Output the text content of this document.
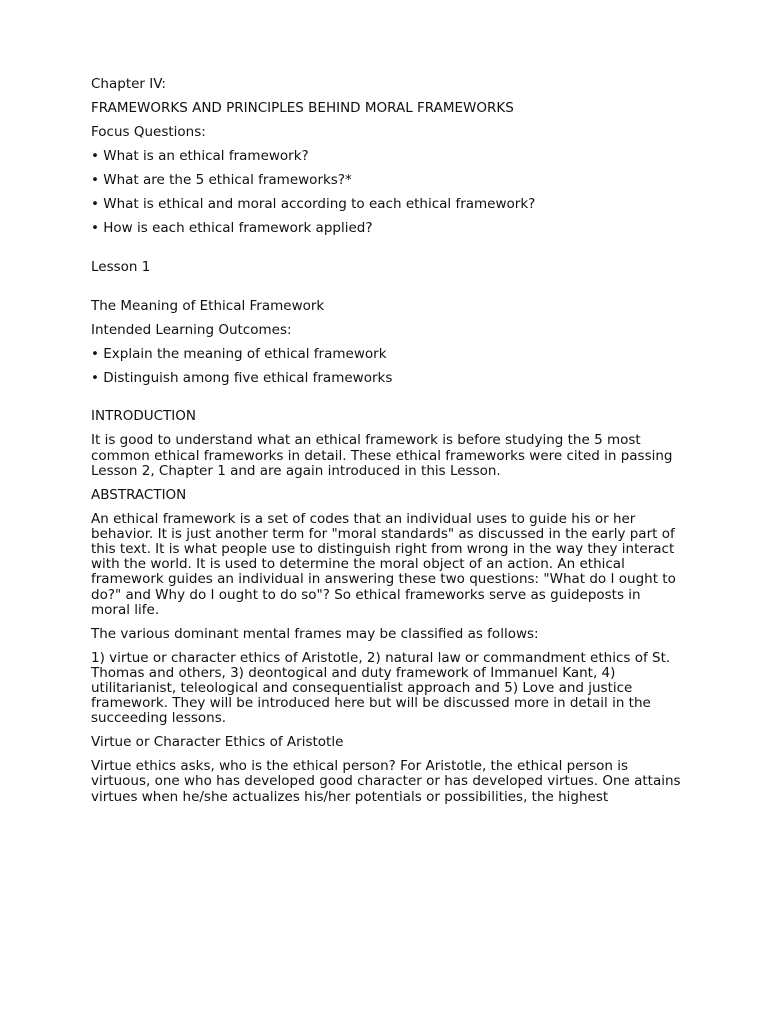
Chapter IV:

FRAMEWORKS AND PRINCIPLES BEHIND MORAL FRAMEWORKS

Focus Questions:

• What is an ethical framework?

• What are the 5 ethical frameworks?*

• What is ethical and moral according to each ethical framework?

• How is each ethical framework applied?

Lesson 1

The Meaning of Ethical Framework

Intended Learning Outcomes:

• Explain the meaning of ethical framework

• Distinguish among five ethical frameworks

INTRODUCTION

It is good to understand what an ethical framework is before studying the 5 most common ethical frameworks in detail. These ethical frameworks were cited in passing Lesson 2, Chapter 1 and are again introduced in this Lesson.

ABSTRACTION

An ethical framework is a set of codes that an individual uses to guide his or her behavior. It is just another term for "moral standards" as discussed in the early part of this text. It is what people use to distinguish right from wrong in the way they interact with the world. It is used to determine the moral object of an action. An ethical framework guides an individual in answering these two questions: "What do I ought to do?" and Why do I ought to do so"? So ethical frameworks serve as guideposts in moral life.

The various dominant mental frames may be classified as follows:

1) virtue or character ethics of Aristotle, 2) natural law or commandment ethics of St. Thomas and others, 3) deontogical and duty framework of Immanuel Kant, 4) utilitarianist, teleological and consequentialist approach and 5) Love and justice framework. They will be introduced here but will be discussed more in detail in the succeeding lessons.

Virtue or Character Ethics of Aristotle

Virtue ethics asks, who is the ethical person? For Aristotle, the ethical person is virtuous, one who has developed good character or has developed virtues. One attains virtues when he/she actualizes his/her potentials or possibilities, the highest
